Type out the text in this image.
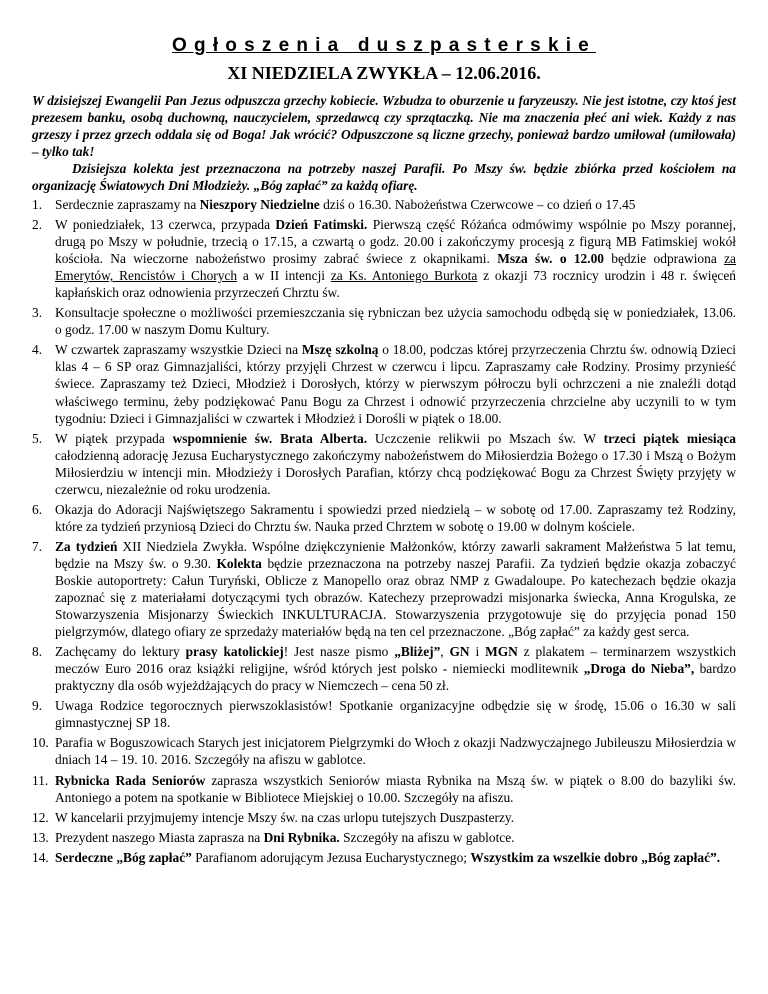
Ogłoszenia duszpasterskie
XI NIEDZIELA ZWYKŁA – 12.06.2016.

W dzisiejszej Ewangelii Pan Jezus odpuszcza grzechy kobiecie. Wzbudza to oburzenie u faryzeuszy. Nie jest istotne, czy ktoś jest prezesem banku, osobą duchowną, nauczycielem, sprzedawcą czy sprzątaczką. Nie ma znaczenia płeć ani wiek. Każdy z nas grzeszy i przez grzech oddala się od Boga! Jak wrócić? Odpuszczone są liczne grzechy, ponieważ bardzo umiłował (umiłowała) – tylko tak!

Dzisiejsza kolekta jest przeznaczona na potrzeby naszej Parafii. Po Mszy św. będzie zbiórka przed kościołem na organizację Światowych Dni Młodzieży. „Bóg zapłać” za każdą ofiarę.

1. Serdecznie zapraszamy na Nieszpory Niedzielne dziś o 16.30. Nabożeństwa Czerwcowe – co dzień o 17.45
2. W poniedziałek, 13 czerwca, przypada Dzień Fatimski. Pierwszą część Różańca odmówimy wspólnie po Mszy porannej, drugą po Mszy w południe, trzecią o 17.15, a czwartą o godz. 20.00 i zakończymy procesją z figurą MB Fatimskiej wokół kościoła. Na wieczorne nabożeństwo prosimy zabrać świece z okapnikami. Msza św. o 12.00 będzie odprawiona za Emerytów, Rencistów i Chorych a w II intencji za Ks. Antoniego Burkota z okazji 73 rocznicy urodzin i 48 r. święceń kapłańskich oraz odnowienia przyrzeczeń Chrztu św.
3. Konsultacje społeczne o możliwości przemieszczania się rybniczan bez użycia samochodu odbędą się w poniedziałek, 13.06. o godz. 17.00 w naszym Domu Kultury.
4. W czwartek zapraszamy wszystkie Dzieci na Mszę szkolną o 18.00, podczas której przyrzeczenia Chrztu św. odnowią Dzieci klas 4 – 6 SP oraz Gimnazjaliści, którzy przyjęli Chrzest w czerwcu i lipcu. Zapraszamy całe Rodziny. Prosimy przynieść świece. Zapraszamy też Dzieci, Młodzież i Dorosłych, którzy w pierwszym półroczu byli ochrzczeni a nie znaleźli dotąd właściwego terminu, żeby podziękować Panu Bogu za Chrzest i odnowić przyrzeczenia chrzcielne aby uczynili to w tym tygodniu: Dzieci i Gimnazjaliści w czwartek i Młodzież i Dorośli w piątek o 18.00.
5. W piątek przypada wspomnienie św. Brata Alberta. Uczczenie relikwii po Mszach św. W trzeci piątek miesiąca całodzienną adorację Jezusa Eucharystycznego zakończymy nabożeństwem do Miłosierdzia Bożego o 17.30 i Mszą o Bożym Miłosierdziu w intencji min. Młodzieży i Dorosłych Parafian, którzy chcą podziękować Bogu za Chrzest Święty przyjęty w czerwcu, niezależnie od roku urodzenia.
6. Okazja do Adoracji Najświętszego Sakramentu i spowiedzi przed niedzielą – w sobotę od 17.00. Zapraszamy też Rodziny, które za tydzień przyniosą Dzieci do Chrztu św. Nauka przed Chrztem w sobotę o 19.00 w dolnym kościele.
7. Za tydzień XII Niedziela Zwykła. Wspólne dziękczynienie Małżonków, którzy zawarli sakrament Małżeństwa 5 lat temu, będzie na Mszy św. o 9.30. Kolekta będzie przeznaczona na potrzeby naszej Parafii. Za tydzień będzie okazja zobaczyć Boskie autoportrety: Całun Turyński, Oblicze z Manopello oraz obraz NMP z Gwadaloupe. Po katechezach będzie okazja zapoznać się z materiałami dotyczącymi tych obrazów. Katechezy przeprowadzi misjonarka świecka, Anna Krogulska, ze Stowarzyszenia Misjonarzy Świeckich INKULTURACJA. Stowarzyszenia przygotowuje się do przyjęcia ponad 150 pielgrzymów, dlatego ofiary ze sprzedaży materiałów będą na ten cel przeznaczone. „Bóg zapłać” za każdy gest serca.
8. Zachęcamy do lektury prasy katolickiej! Jest nasze pismo „Bliżej”, GN i MGN z plakatem – terminarzem wszystkich meczów Euro 2016 oraz książki religijne, wśród których jest polsko - niemiecki modlitewnik „Droga do Nieba”, bardzo praktyczny dla osób wyjeżdżających do pracy w Niemczech – cena 50 zł.
9. Uwaga Rodzice tegorocznych pierwszoklasistów! Spotkanie organizacyjne odbędzie się w środę, 15.06 o 16.30 w sali gimnastycznej SP 18.
10. Parafia w Boguszowicach Starych jest inicjatorem Pielgrzymki do Włoch z okazji Nadzwyczajnego Jubileuszu Miłosierdzia w dniach 14 – 19. 10. 2016. Szczegóły na afiszu w gablotce.
11. Rybnicka Rada Seniorów zaprasza wszystkich Seniorów miasta Rybnika na Mszą św. w piątek o 8.00 do bazyliki św. Antoniego a potem na spotkanie w Bibliotece Miejskiej o 10.00. Szczegóły na afiszu.
12. W kancelarii przyjmujemy intencje Mszy św. na czas urlopu tutejszych Duszpasterzy.
13. Prezydent naszego Miasta zaprasza na Dni Rybnika. Szczegóły na afiszu w gablotce.
14. Serdeczne „Bóg zapłać” Parafianom adorującym Jezusa Eucharystycznego; Wszystkim za wszelkie dobro „Bóg zapłać”.
